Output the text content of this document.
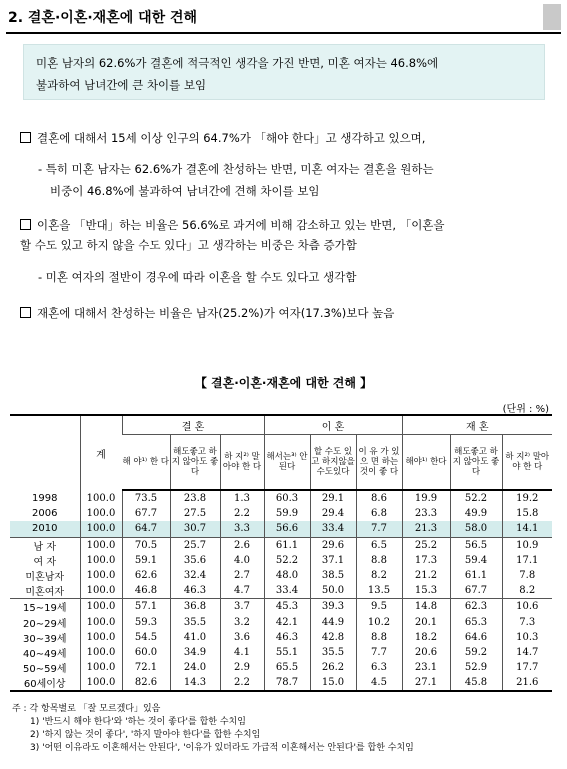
2. 결혼·이혼·재혼에 대한 견해
미혼 남자의 62.6%가 결혼에 적극적인 생각을 가진 반면, 미혼 여자는 46.8%에
불과하여 남녀간에 큰 차이를 보임
결혼에 대해서 15세 이상 인구의 64.7%가 「해야 한다」고 생각하고 있으며,
- 특히 미혼 남자는 62.6%가 결혼에 찬성하는 반면, 미혼 여자는 결혼을 원하는
비중이 46.8%에 불과하여 남녀간에 견해 차이를 보임
이혼을 「반대」하는 비율은 56.6%로 과거에 비해 감소하고 있는 반면, 「이혼을
할 수도 있고 하지 않을 수도 있다」고 생각하는 비중은 차츰 증가함
- 미혼 여자의 절반이 경우에 따라 이혼을 할 수도 있다고 생각함
재혼에 대해서 찬성하는 비율은 남자(25.2%)가 여자(17.3%)보다 높음
【 결혼·이혼·재혼에 대한 견해 】
(단위 : %)
	계	결 혼			이 혼			재 혼		
		해 야¹⁾ 한 다	해도좋고 하 지 않아도 좋 다	하 지²⁾ 말아야 한 다	해서는³⁾ 안된다	할 수도 있 고 하지않을 수도있다	이 유 가 있 으 면 하는것이 좋 다	해야¹⁾ 한다	해도좋고 하 지 않아도 좋 다	하 지²⁾ 말아야 한 다
1998	100.0	73.5	23.8	1.3	60.3	29.1	8.6	19.9	52.2	19.2
2006	100.0	67.7	27.5	2.2	59.9	29.4	6.8	23.3	49.9	15.8
2010	100.0	64.7	30.7	3.3	56.6	33.4	7.7	21.3	58.0	14.1
남 자	100.0	70.5	25.7	2.6	61.1	29.6	6.5	25.2	56.5	10.9
여 자	100.0	59.1	35.6	4.0	52.2	37.1	8.8	17.3	59.4	17.1
미혼남자	100.0	62.6	32.4	2.7	48.0	38.5	8.2	21.2	61.1	7.8
미혼여자	100.0	46.8	46.3	4.7	33.4	50.0	13.5	15.3	67.7	8.2
15∼19세	100.0	57.1	36.8	3.7	45.3	39.3	9.5	14.8	62.3	10.6
20∼29세	100.0	59.3	35.5	3.2	42.1	44.9	10.2	20.1	65.3	7.3
30∼39세	100.0	54.5	41.0	3.6	46.3	42.8	8.8	18.2	64.6	10.3
40∼49세	100.0	60.0	34.9	4.1	55.1	35.5	7.7	20.6	59.2	14.7
50∼59세	100.0	72.1	24.0	2.9	65.5	26.2	6.3	23.1	52.9	17.7
60세이상	100.0	82.6	14.3	2.2	78.7	15.0	4.5	27.1	45.8	21.6
주 : 각 항목별로 「잘 모르겠다」있음
1) '반드시 해야 한다'와 '하는 것이 좋다'를 합한 수치임
2) '하지 않는 것이 좋다', '하지 말아야 한다'를 합한 수치임
3) '어떤 이유라도 이혼해서는 안된다', '이유가 있더라도 가급적 이혼해서는 안된다'를 합한 수치임
